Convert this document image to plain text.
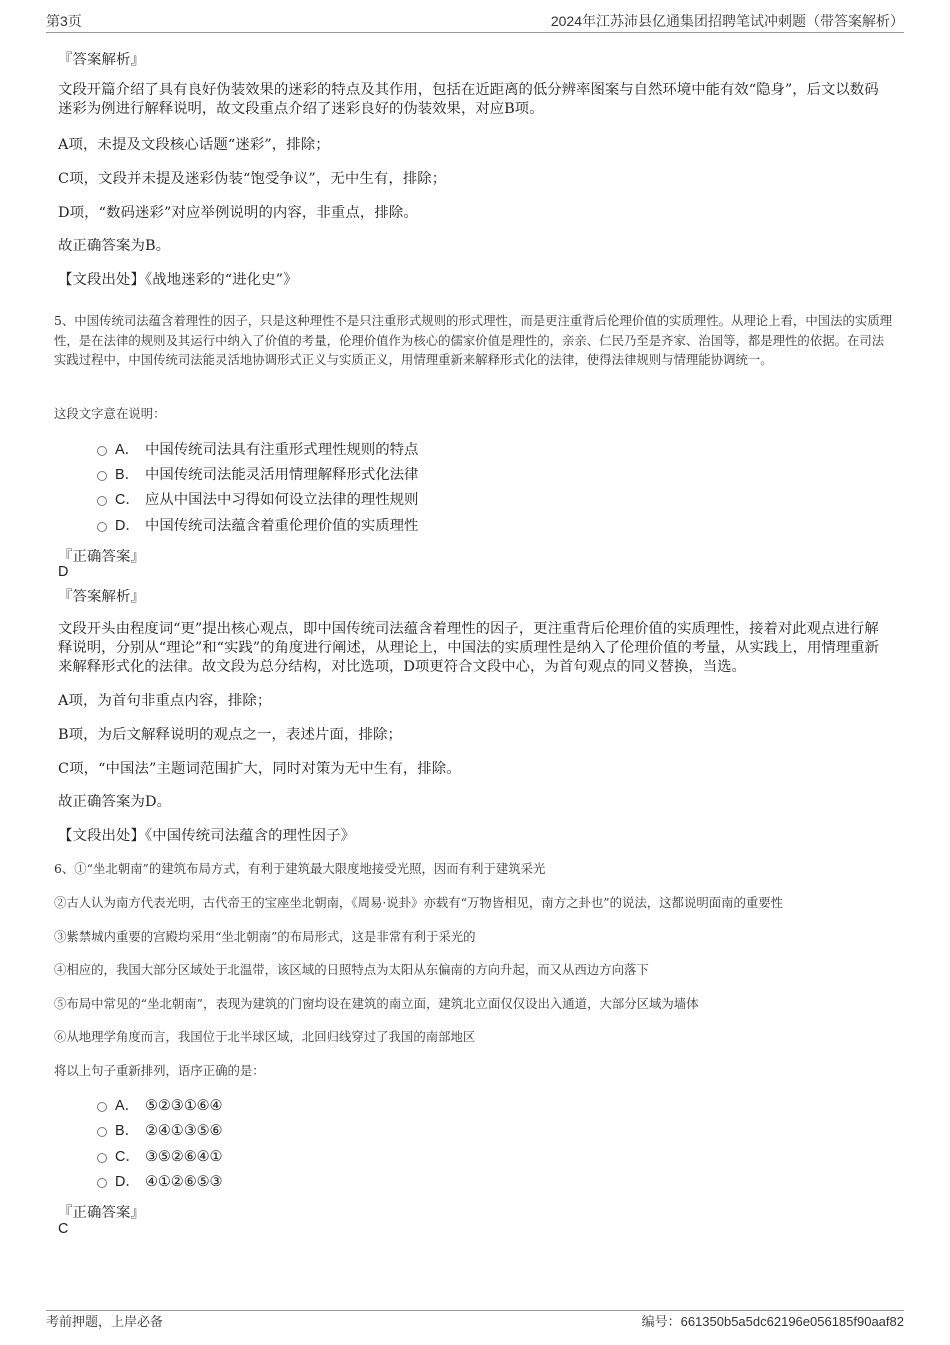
第3页	2024年江苏沛县亿通集团招聘笔试冲刺题（带答案解析）
『答案解析』
文段开篇介绍了具有良好伪装效果的迷彩的特点及其作用，包括在近距离的低分辨率图案与自然环境中能有效“隐身”，后文以数码迷彩为例进行解释说明，故文段重点介绍了迷彩良好的伪装效果，对应B项。
A项，未提及文段核心话题“迷彩”，排除；
C项，文段并未提及迷彩伪装“饱受争议”，无中生有，排除；
D项，“数码迷彩”对应举例说明的内容，非重点，排除。
故正确答案为B。
【文段出处】《战地迷彩的“进化史”》
5、中国传统司法蕴含着理性的因子，只是这种理性不是只注重形式规则的形式理性，而是更注重背后伦理价值的实质理性。从理论上看，中国法的实质理性，是在法律的规则及其运行中纳入了价值的考量，伦理价值作为核心的儒家价值是理性的，亲亲、仁民乃至是齐家、治国等，都是理性的依据。在司法实践过程中，中国传统司法能灵活地协调形式正义与实质正义，用情理重新来解释形式化的法律，使得法律规则与情理能协调统一。
这段文字意在说明：
A． 中国传统司法具有注重形式理性规则的特点
B． 中国传统司法能灵活用情理解释形式化法律
C． 应从中国法中习得如何设立法律的理性规则
D． 中国传统司法蕴含着重伦理价值的实质理性
『正确答案』
D
『答案解析』
文段开头由程度词“更”提出核心观点，即中国传统司法蕴含着理性的因子，更注重背后伦理价值的实质理性，接着对此观点进行解释说明，分别从“理论”和“实践”的角度进行阐述，从理论上，中国法的实质理性是纳入了伦理价值的考量，从实践上，用情理重新来解释形式化的法律。故文段为总分结构，对比选项，D项更符合文段中心，为首句观点的同义替换，当选。
A项，为首句非重点内容，排除；
B项，为后文解释说明的观点之一，表述片面，排除；
C项，“中国法”主题词范围扩大，同时对策为无中生有，排除。
故正确答案为D。
【文段出处】《中国传统司法蕴含的理性因子》
6、①“坐北朝南”的建筑布局方式，有利于建筑最大限度地接受光照，因而有利于建筑采光
②古人认为南方代表光明，古代帝王的宝座坐北朝南，《周易·说卦》亦载有“万物皆相见，南方之卦也”的说法，这都说明面南的重要性
③紫禁城内重要的宫殿均采用“坐北朝南”的布局形式，这是非常有利于采光的
④相应的，我国大部分区域处于北温带，该区域的日照特点为太阳从东偏南的方向升起，而又从西边方向落下
⑤布局中常见的“坐北朝南”，表现为建筑的门窗均设在建筑的南立面，建筑北立面仅仅设出入通道，大部分区域为墙体
⑥从地理学角度而言，我国位于北半球区域，北回归线穿过了我国的南部地区
将以上句子重新排列，语序正确的是：
A． ⑤②③①⑥④
B． ②④①③⑤⑥
C． ③⑤②⑥④①
D． ④①②⑥⑤③
『正确答案』
C
考前押题，上岸必备	编号：661350b5a5dc62196e056185f90aaf82
